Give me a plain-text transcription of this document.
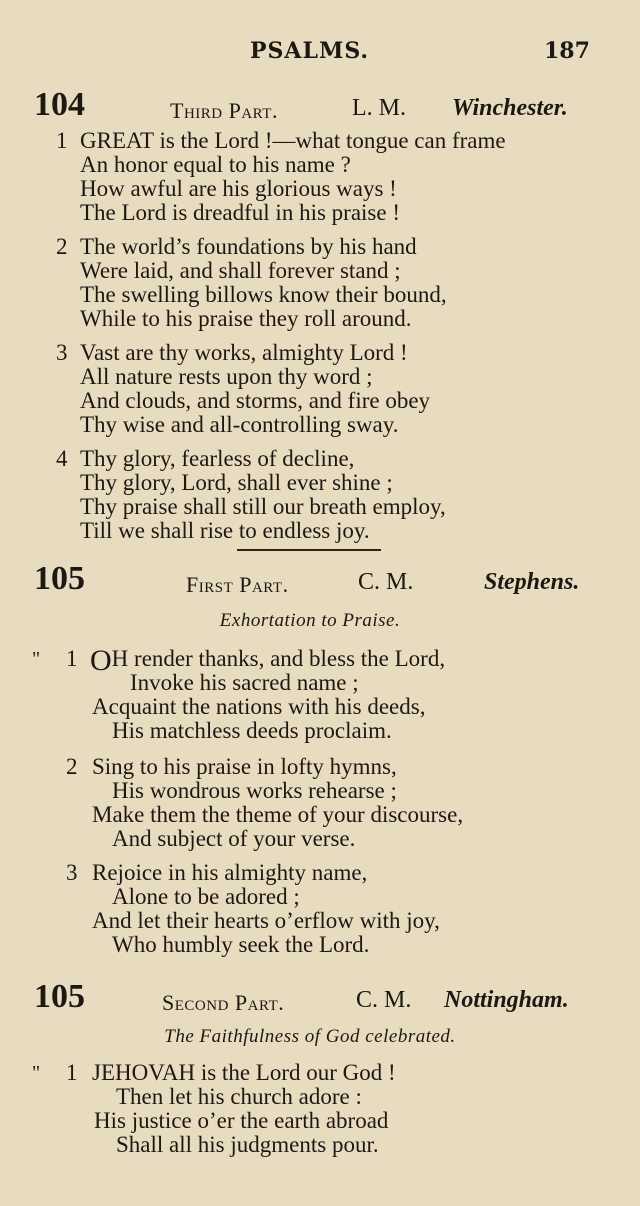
PSALMS.	187
104	Third Part.	L. M. Winchester.
1 GREAT is the Lord !—what tongue can frame
An honor equal to his name ?
How awful are his glorious ways !
The Lord is dreadful in his praise !
2 The world’s foundations by his hand
Were laid, and shall forever stand ;
The swelling billows know their bound,
While to his praise they roll around.
3 Vast are thy works, almighty Lord !
All nature rests upon thy word ;
And clouds, and storms, and fire obey
Thy wise and all-controlling sway.
4 Thy glory, fearless of decline,
Thy glory, Lord, shall ever shine ;
Thy praise shall still our breath employ,
Till we shall rise to endless joy.
105	First Part.	C. M.	Stephens.
Exhortation to Praise.
" 1 OH render thanks, and bless the Lord,
Invoke his sacred name ;
Acquaint the nations with his deeds,
His matchless deeds proclaim.
2 Sing to his praise in lofty hymns,
His wondrous works rehearse ;
Make them the theme of your discourse,
And subject of your verse.
3 Rejoice in his almighty name,
Alone to be adored ;
And let their hearts o’erflow with joy,
Who humbly seek the Lord.
105	Second Part.	C. M. Nottingham.
The Faithfulness of God celebrated.
" 1 JEHOVAH is the Lord our God !
Then let his church adore :
His justice o’er the earth abroad
Shall all his judgments pour.
